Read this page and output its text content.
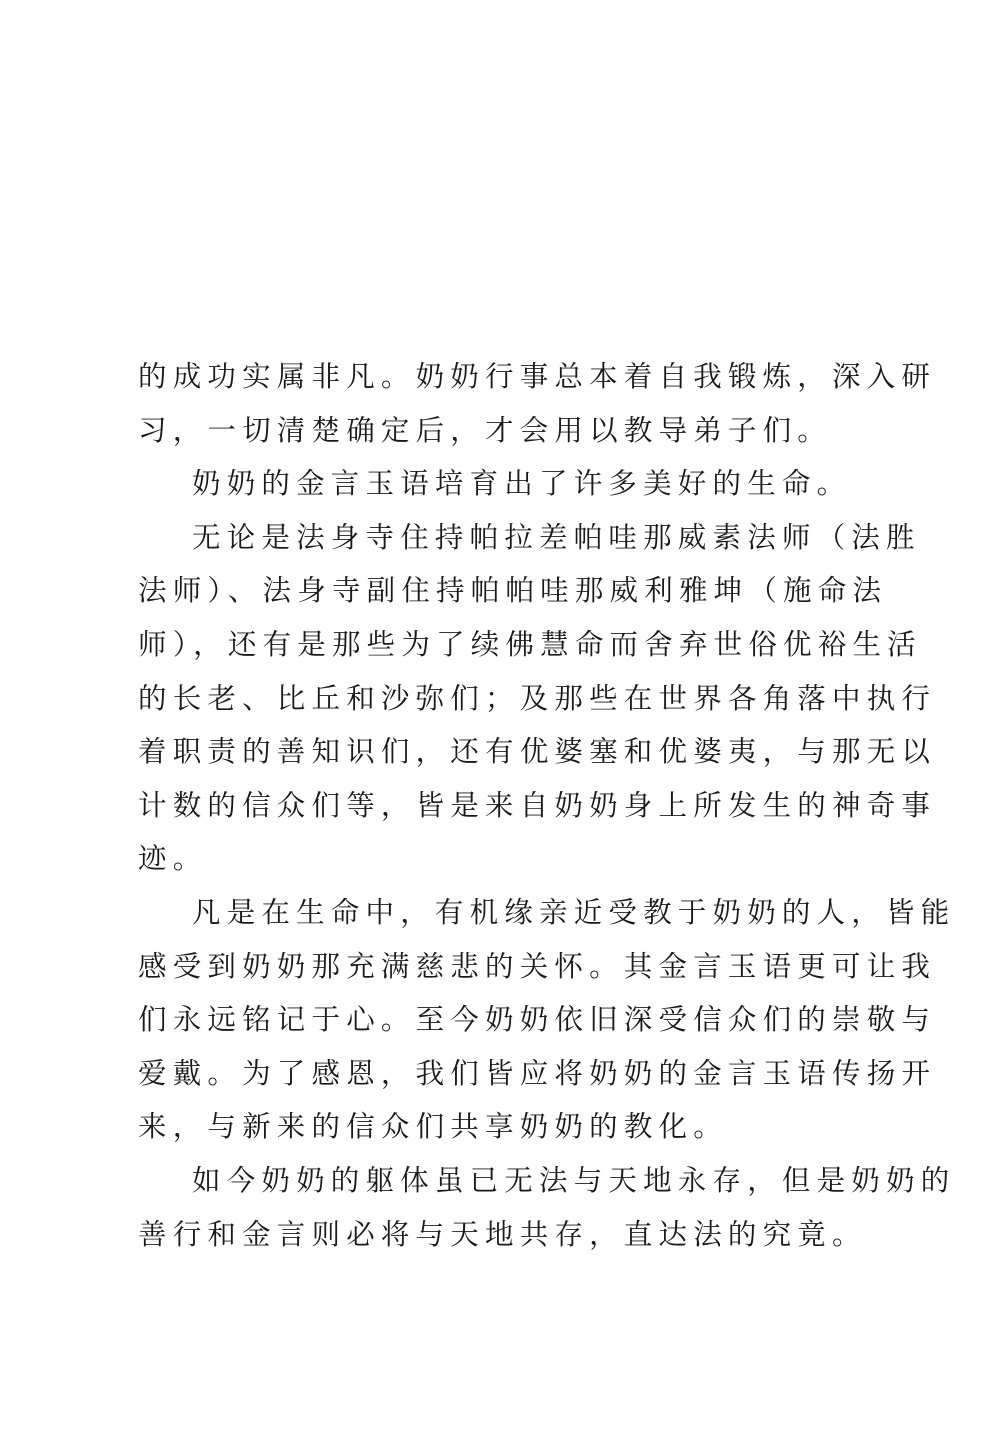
的成功实属非凡。奶奶行事总本着自我锻炼，深入研
习，一切清楚确定后，才会用以教导弟子们。

奶奶的金言玉语培育出了许多美好的生命。

无论是法身寺住持帕拉差帕哇那威素法师（法胜
法师）、法身寺副住持帕帕哇那威利雅坤（施命法
师），还有是那些为了续佛慧命而舍弃世俗优裕生活
的长老、比丘和沙弥们；及那些在世界各角落中执行
着职责的善知识们，还有优婆塞和优婆夷，与那无以
计数的信众们等，皆是来自奶奶身上所发生的神奇事
迹。

凡是在生命中，有机缘亲近受教于奶奶的人，皆能
感受到奶奶那充满慈悲的关怀。其金言玉语更可让我
们永远铭记于心。至今奶奶依旧深受信众们的崇敬与
爱戴。为了感恩，我们皆应将奶奶的金言玉语传扬开
来，与新来的信众们共享奶奶的教化。

如今奶奶的躯体虽已无法与天地永存，但是奶奶的
善行和金言则必将与天地共存，直达法的究竟。
